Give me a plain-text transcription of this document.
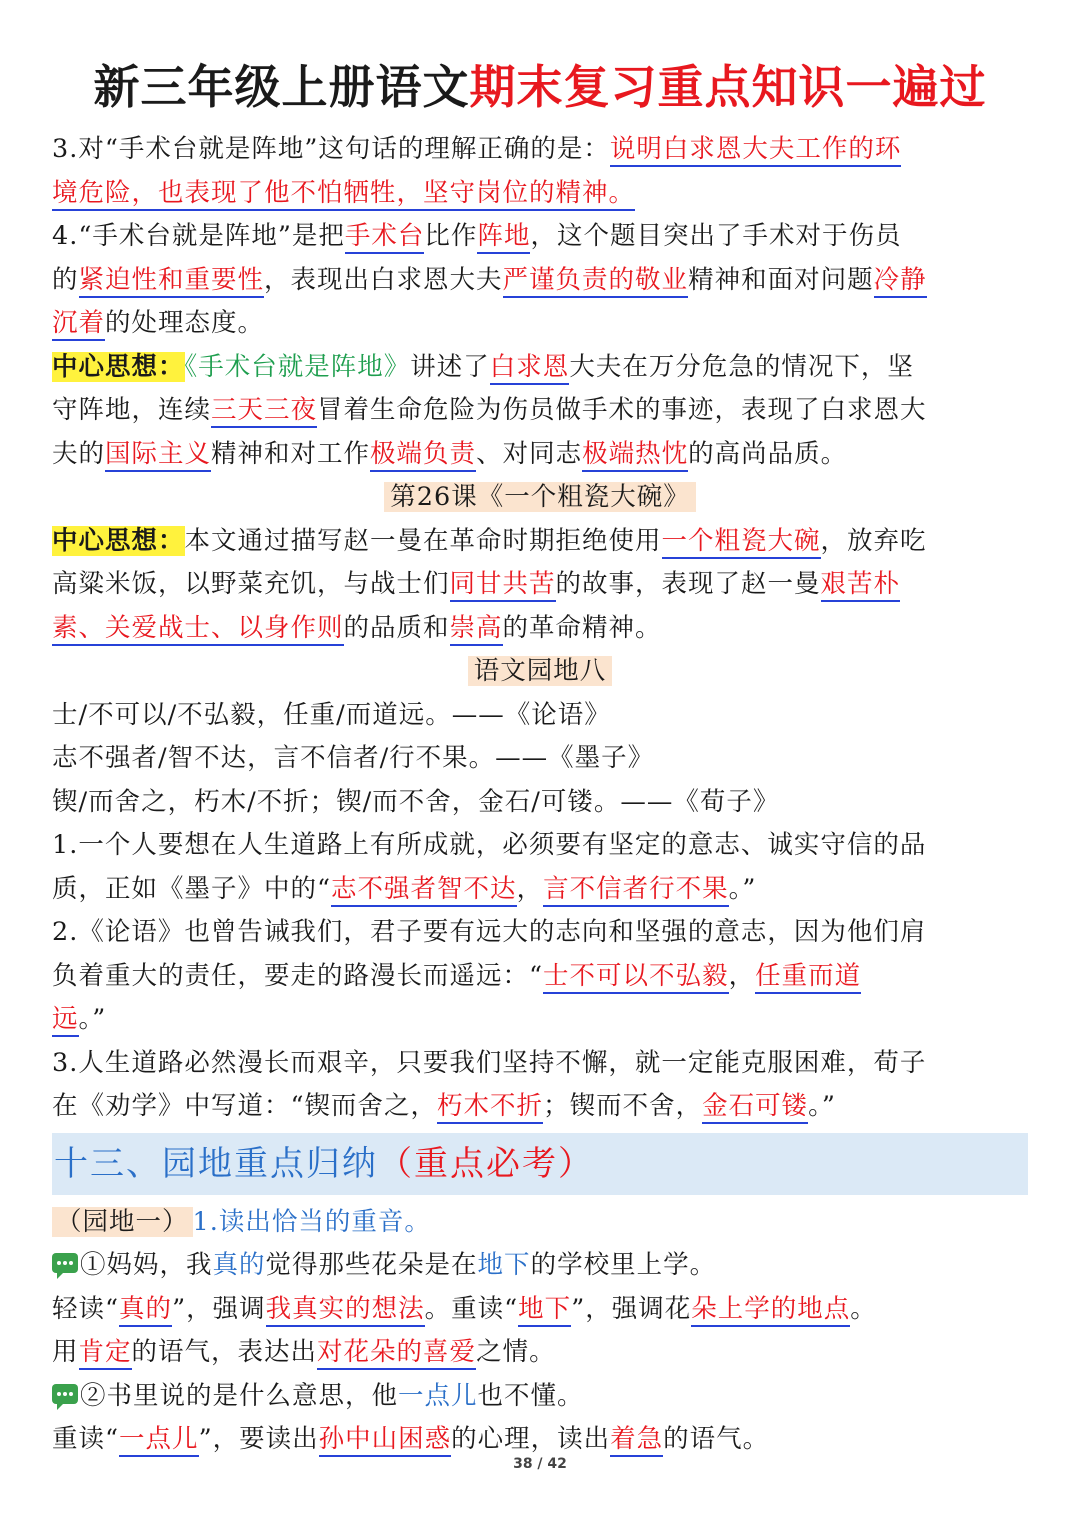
新三年级上册语文期末复习重点知识一遍过
3.对“手术台就是阵地”这句话的理解正确的是：说明白求恩大夫工作的环
境危险，也表现了他不怕牺牲，坚守岗位的精神。
4.“手术台就是阵地”是把手术台比作阵地，这个题目突出了手术对于伤员
的紧迫性和重要性，表现出白求恩大夫严谨负责的敬业精神和面对问题冷静
沉着的处理态度。
中心思想：《手术台就是阵地》讲述了白求恩大夫在万分危急的情况下，坚
守阵地，连续三天三夜冒着生命危险为伤员做手术的事迹，表现了白求恩大
夫的国际主义精神和对工作极端负责、对同志极端热忱的高尚品质。
第26课《一个粗瓷大碗》
中心思想：本文通过描写赵一曼在革命时期拒绝使用一个粗瓷大碗，放弃吃
高粱米饭，以野菜充饥，与战士们同甘共苦的故事，表现了赵一曼艰苦朴
素、关爱战士、以身作则的品质和崇高的革命精神。
语文园地八
士/不可以/不弘毅，任重/而道远。——《论语》
志不强者/智不达，言不信者/行不果。——《墨子》
锲/而舍之，朽木/不折；锲/而不舍，金石/可镂。——《荀子》
1.一个人要想在人生道路上有所成就，必须要有坚定的意志、诚实守信的品
质，正如《墨子》中的“志不强者智不达，言不信者行不果。”
2.《论语》也曾告诫我们，君子要有远大的志向和坚强的意志，因为他们肩
负着重大的责任，要走的路漫长而遥远：“士不可以不弘毅，任重而道
远。”
3.人生道路必然漫长而艰辛，只要我们坚持不懈，就一定能克服困难，荀子
在《劝学》中写道：“锲而舍之，朽木不折；锲而不舍，金石可镂。”
十三、园地重点归纳（重点必考）
（园地一） 1.读出恰当的重音。
①妈妈，我真的觉得那些花朵是在地下的学校里上学。
轻读“真的”，强调我真实的想法。重读“地下”，强调花朵上学的地点。
用肯定的语气，表达出对花朵的喜爱之情。
②书里说的是什么意思，他一点儿也不懂。
重读“一点儿”，要读出孙中山困惑的心理，读出着急的语气。
38 / 42
